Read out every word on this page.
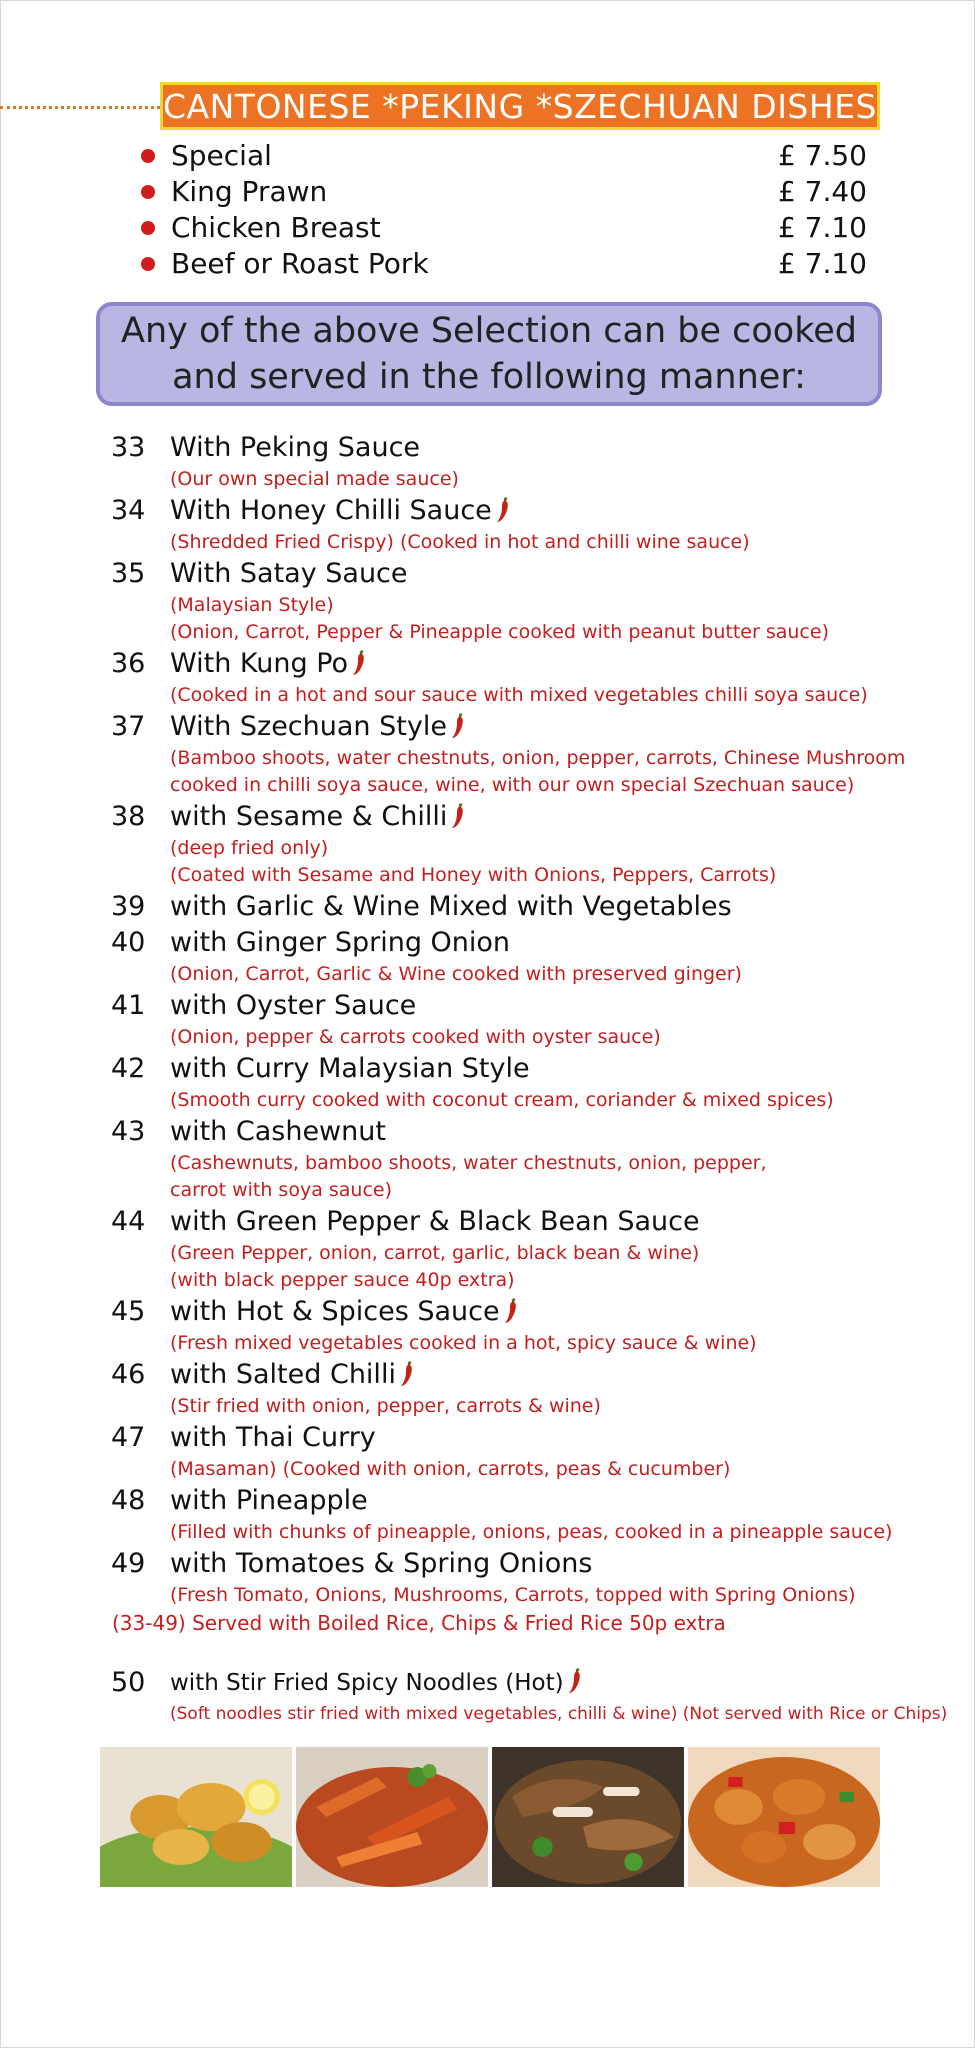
CANTONESE *PEKING *SZECHUAN DISHES
Special	£ 7.50
King Prawn	£ 7.40
Chicken Breast	£ 7.10
Beef or Roast Pork	£ 7.10
Any of the above Selection can be cooked
and served in the following manner:
33 With Peking Sauce
(Our own special made sauce)
34 With Honey Chilli Sauce
(Shredded Fried Crispy) (Cooked in hot and chilli wine sauce)
35 With Satay Sauce
(Malaysian Style)
(Onion, Carrot, Pepper & Pineapple cooked with peanut butter sauce)
36 With Kung Po
(Cooked in a hot and sour sauce with mixed vegetables chilli soya sauce)
37 With Szechuan Style
(Bamboo shoots, water chestnuts, onion, pepper, carrots, Chinese Mushroom
cooked in chilli soya sauce, wine, with our own special Szechuan sauce)
38 with Sesame & Chilli
(deep fried only)
(Coated with Sesame and Honey with Onions, Peppers, Carrots)
39 with Garlic & Wine Mixed with Vegetables
40 with Ginger Spring Onion
(Onion, Carrot, Garlic & Wine cooked with preserved ginger)
41 with Oyster Sauce
(Onion, pepper & carrots cooked with oyster sauce)
42 with Curry Malaysian Style
(Smooth curry cooked with coconut cream, coriander & mixed spices)
43 with Cashewnut
(Cashewnuts, bamboo shoots, water chestnuts, onion, pepper,
carrot with soya sauce)
44 with Green Pepper & Black Bean Sauce
(Green Pepper, onion, carrot, garlic, black bean & wine)
(with black pepper sauce 40p extra)
45 with Hot & Spices Sauce
(Fresh mixed vegetables cooked in a hot, spicy sauce & wine)
46 with Salted Chilli
(Stir fried with onion, pepper, carrots & wine)
47 with Thai Curry
(Masaman) (Cooked with onion, carrots, peas & cucumber)
48 with Pineapple
(Filled with chunks of pineapple, onions, peas, cooked in a pineapple sauce)
49 with Tomatoes & Spring Onions
(Fresh Tomato, Onions, Mushrooms, Carrots, topped with Spring Onions)
(33-49) Served with Boiled Rice, Chips & Fried Rice 50p extra
50 with Stir Fried Spicy Noodles (Hot)
(Soft noodles stir fried with mixed vegetables, chilli & wine) (Not served with Rice or Chips)
